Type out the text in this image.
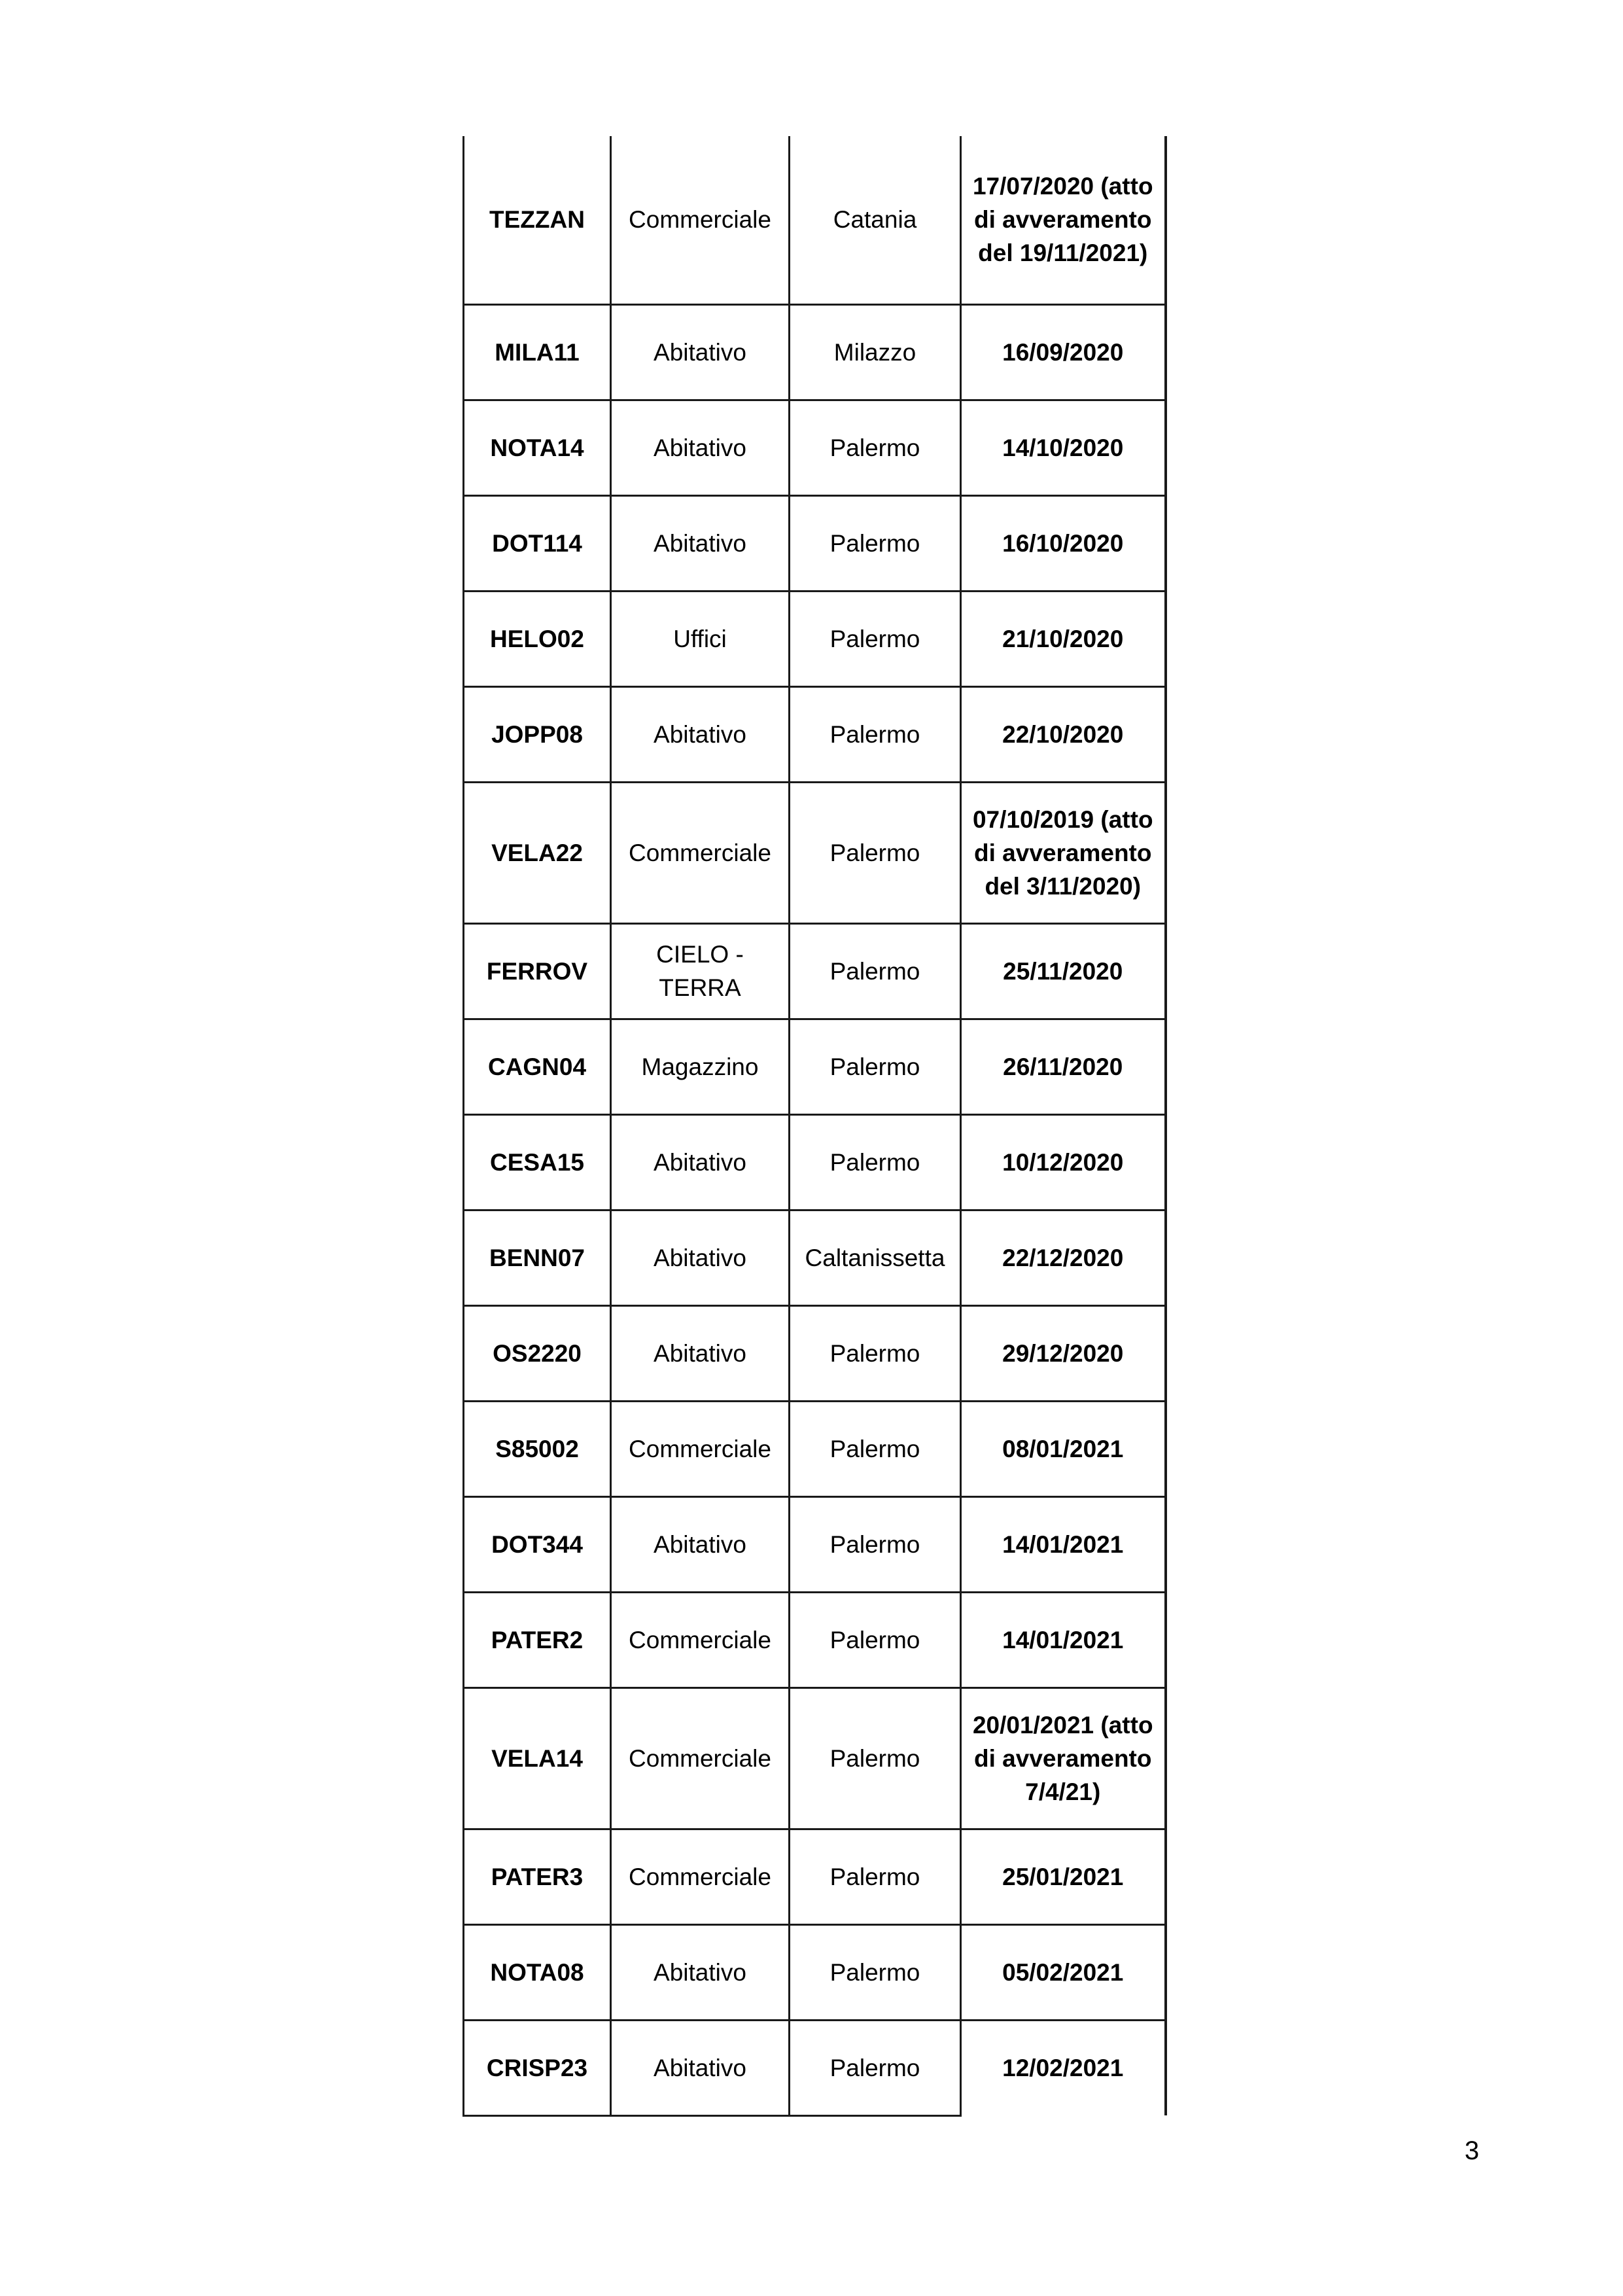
TEZZAN	Commerciale	Catania	17/07/2020 (atto di avveramento del 19/11/2021)
MILA11	Abitativo	Milazzo	16/09/2020
NOTA14	Abitativo	Palermo	14/10/2020
DOT114	Abitativo	Palermo	16/10/2020
HELO02	Uffici	Palermo	21/10/2020
JOPP08	Abitativo	Palermo	22/10/2020
VELA22	Commerciale	Palermo	07/10/2019 (atto di avveramento del 3/11/2020)
FERROV	CIELO - TERRA	Palermo	25/11/2020
CAGN04	Magazzino	Palermo	26/11/2020
CESA15	Abitativo	Palermo	10/12/2020
BENN07	Abitativo	Caltanissetta	22/12/2020
OS2220	Abitativo	Palermo	29/12/2020
S85002	Commerciale	Palermo	08/01/2021
DOT344	Abitativo	Palermo	14/01/2021
PATER2	Commerciale	Palermo	14/01/2021
VELA14	Commerciale	Palermo	20/01/2021 (atto di avveramento 7/4/21)
PATER3	Commerciale	Palermo	25/01/2021
NOTA08	Abitativo	Palermo	05/02/2021
CRISP23	Abitativo	Palermo	12/02/2021
3
